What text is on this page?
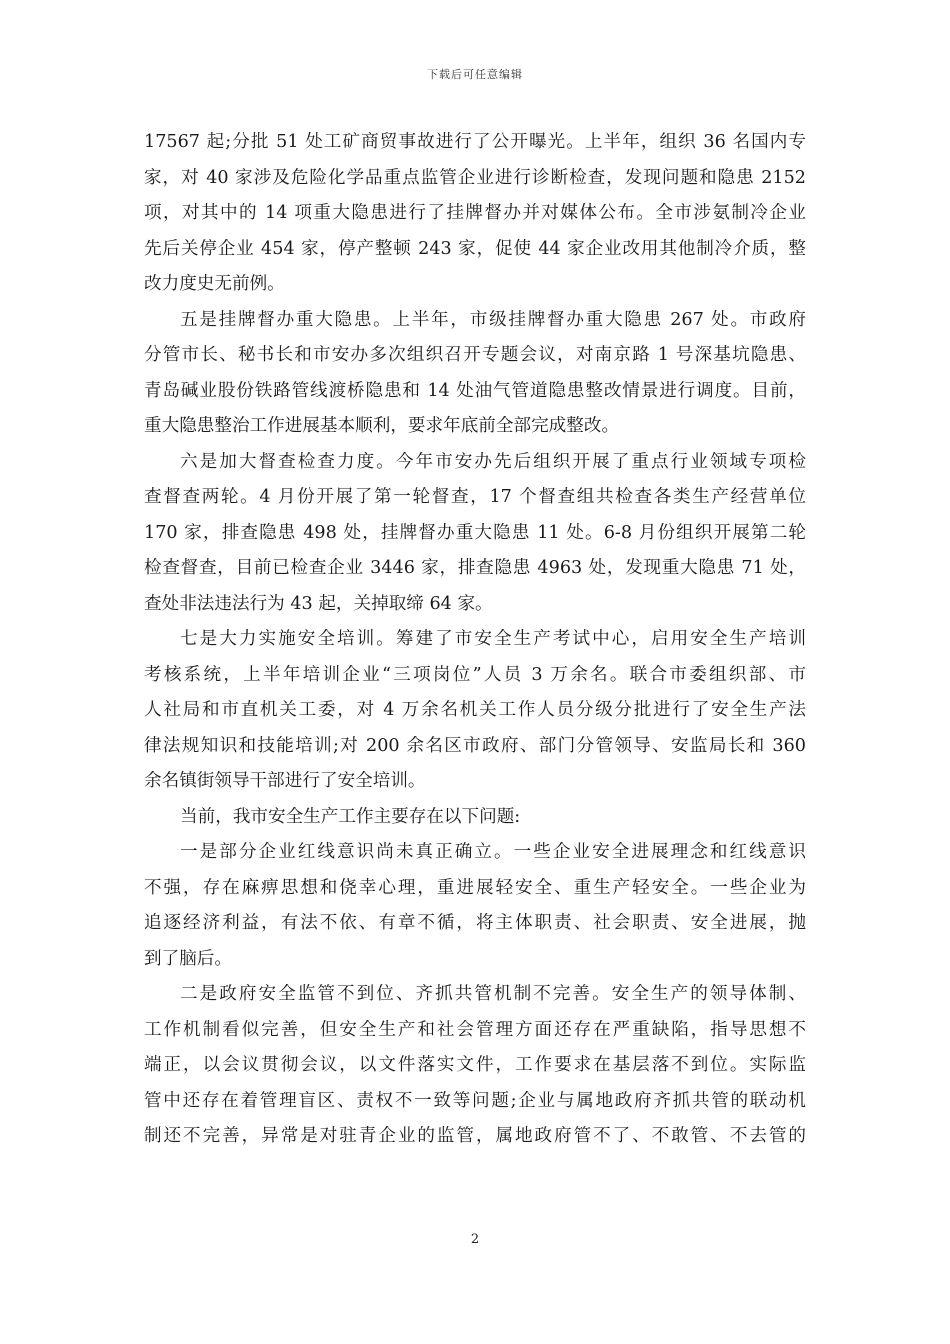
下载后可任意编辑
17567 起;分批 51 处工矿商贸事故进行了公开曝光。上半年，组织 36 名国内专
家，对 40 家涉及危险化学品重点监管企业进行诊断检查，发现问题和隐患 2152
项，对其中的 14 项重大隐患进行了挂牌督办并对媒体公布。全市涉氨制冷企业
先后关停企业 454 家，停产整顿 243 家，促使 44 家企业改用其他制冷介质，整
改力度史无前例。
五是挂牌督办重大隐患。上半年，市级挂牌督办重大隐患 267 处。市政府
分管市长、秘书长和市安办多次组织召开专题会议，对南京路 1 号深基坑隐患、
青岛碱业股份铁路管线渡桥隐患和 14 处油气管道隐患整改情景进行调度。目前，
重大隐患整治工作进展基本顺利，要求年底前全部完成整改。
六是加大督查检查力度。今年市安办先后组织开展了重点行业领域专项检
查督查两轮。4 月份开展了第一轮督查，17 个督查组共检查各类生产经营单位
170 家，排查隐患 498 处，挂牌督办重大隐患 11 处。6-8 月份组织开展第二轮
检查督查，目前已检查企业 3446 家，排查隐患 4963 处，发现重大隐患 71 处，
查处非法违法行为 43 起，关掉取缔 64 家。
七是大力实施安全培训。筹建了市安全生产考试中心，启用安全生产培训
考核系统，上半年培训企业“三项岗位”人员 3 万余名。联合市委组织部、市
人社局和市直机关工委，对 4 万余名机关工作人员分级分批进行了安全生产法
律法规知识和技能培训;对 200 余名区市政府、部门分管领导、安监局长和 360
余名镇街领导干部进行了安全培训。
当前，我市安全生产工作主要存在以下问题:
一是部分企业红线意识尚未真正确立。一些企业安全进展理念和红线意识
不强，存在麻痹思想和侥幸心理，重进展轻安全、重生产轻安全。一些企业为
追逐经济利益，有法不依、有章不循，将主体职责、社会职责、安全进展，抛
到了脑后。
二是政府安全监管不到位、齐抓共管机制不完善。安全生产的领导体制、
工作机制看似完善，但安全生产和社会管理方面还存在严重缺陷，指导思想不
端正，以会议贯彻会议，以文件落实文件，工作要求在基层落不到位。实际监
管中还存在着管理盲区、责权不一致等问题;企业与属地政府齐抓共管的联动机
制还不完善，异常是对驻青企业的监管，属地政府管不了、不敢管、不去管的
2
